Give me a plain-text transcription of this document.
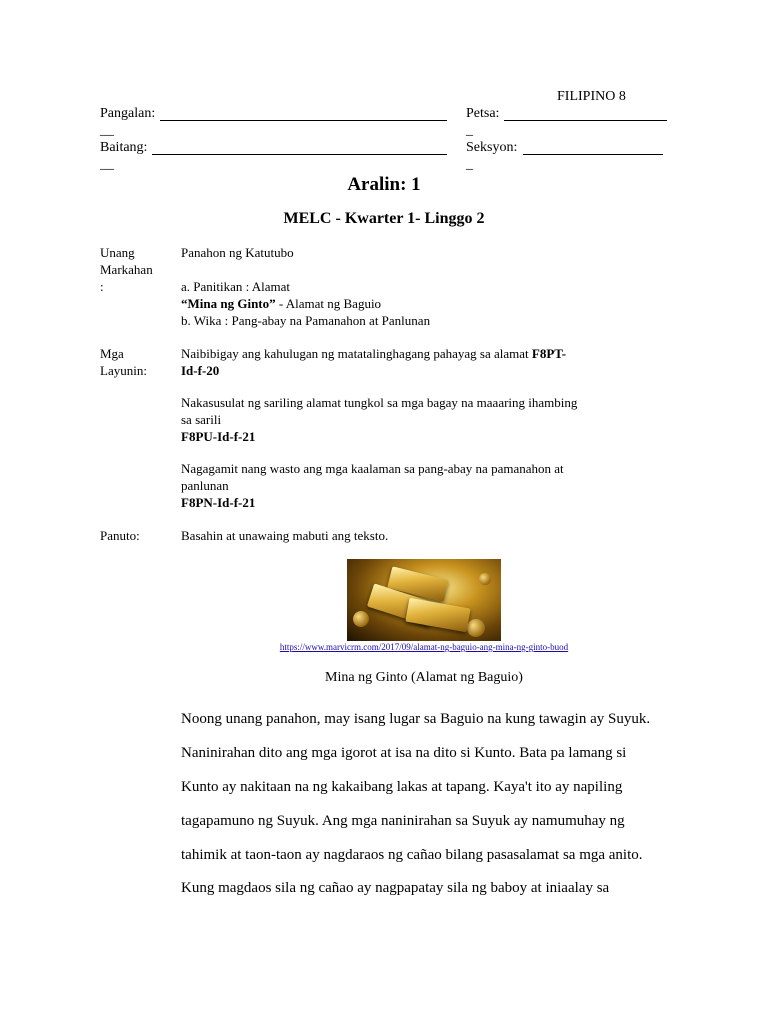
FILIPINO 8
Pangalan:
__
Petsa:
_
Baitang:
__
Seksyon:
_
Aralin: 1
MELC - Kwarter 1- Linggo 2
Unang
Markahan
:
Panahon ng Katutubo
a. Panitikan : Alamat
“Mina ng Ginto” - Alamat ng Baguio
b. Wika : Pang-abay na Pamanahon at Panlunan
Mga
Layunin:
Naibibigay ang kahulugan ng matatalinghagang pahayag sa alamat F8PT-
Id-f-20
Nakasusulat ng sariling alamat tungkol sa mga bagay na maaaring ihambing
sa sarili
F8PU-Id-f-21
Nagagamit nang wasto ang mga kaalaman sa pang-abay na pamanahon at
panlunan
F8PN-Id-f-21
Panuto:	Basahin at unawaing mabuti ang teksto.
https://www.marvicrm.com/2017/09/alamat-ng-baguio-ang-mina-ng-ginto-buod
Mina ng Ginto (Alamat ng Baguio)
Noong unang panahon, may isang lugar sa Baguio na kung tawagin ay Suyuk.
Naninirahan dito ang mga igorot at isa na dito si Kunto. Bata pa lamang si
Kunto ay nakitaan na ng kakaibang lakas at tapang. Kaya't ito ay napiling
tagapamuno ng Suyuk. Ang mga naninirahan sa Suyuk ay namumuhay ng
tahimik at taon-taon ay nagdaraos ng cañao bilang pasasalamat sa mga anito.
Kung magdaos sila ng cañao ay nagpapatay sila ng baboy at iniaalay sa
